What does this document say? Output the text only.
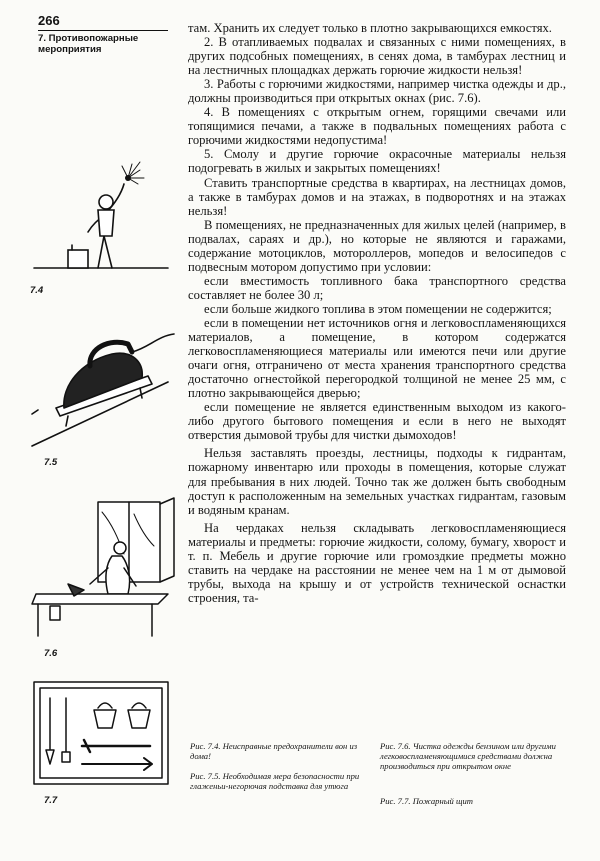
266
7. Противопожарные
мероприятия

там. Хранить их следует только в плотно закрывающихся емкостях.

2. В отапливаемых подвалах и связанных с ними помещениях, в других подсобных помещениях, в сенях дома, в тамбурах лестниц и на лестничных площадках держать горючие жидкости нельзя!

3. Работы с горючими жидкостями, например чистка одежды и др., должны производиться при открытых окнах (рис. 7.6).

4. В помещениях с открытым огнем, горящими свечами или топящимися печами, а также в подвальных помещениях работа с горючими жидкостями недопустима!

5. Смолу и другие горючие окрасочные материалы нельзя подогревать в жилых и закрытых помещениях!

Ставить транспортные средства в квартирах, на лестницах домов, а также в тамбурах домов и на этажах, в подворотнях и на этажах нельзя!

В помещениях, не предназначенных для жилых целей (например, в подвалах, сараях и др.), но которые не являются и гаражами, содержание мотоциклов, мотороллеров, мопедов и велосипедов с подвесным мотором допустимо при условии:

если вместимость топливного бака транспортного средства составляет не более 30 л;

если больше жидкого топлива в этом помещении не содержится;

если в помещении нет источников огня и легковоспламеняющихся материалов, а помещение, в котором содержатся легковоспламеняющиеся материалы или имеются печи или другие очаги огня, отграничено от места хранения транспортного средства достаточно огнестойкой перегородкой толщиной не менее 25 мм, с плотно закрывающейся дверью;

если помещение не является единственным выходом из какого-либо другого бытового помещения и если в него не выходят отверстия дымовой трубы для чистки дымоходов!

Нельзя заставлять проезды, лестницы, подходы к гидрантам, пожарному инвентарю или проходы в помещения, которые служат для пребывания в них людей. Точно так же должен быть свободным доступ к расположенным на земельных участках гидрантам, газовым и водяным кранам.

На чердаках нельзя складывать легковоспламеняющиеся материалы и предметы: горючие жидкости, солому, бумагу, хворост и т. п. Мебель и другие горючие или громоздкие предметы можно ставить на чердаке на расстоянии не менее чем на 1 м от дымовой трубы, выхода на крышу и от устройств технической оснастки строения, та-

7.4
7.5
7.6
7.7
Рис. 7.4. Неисправные предохранители вон из дома!
Рис. 7.5. Необходимая мера безопасности при глаженьи-негорючая подставка для утюга
Рис. 7.6. Чистка одежды бензином или другими легковоспламеняющимися средствами должна производиться при открытом окне
Рис. 7.7. Пожарный щит
